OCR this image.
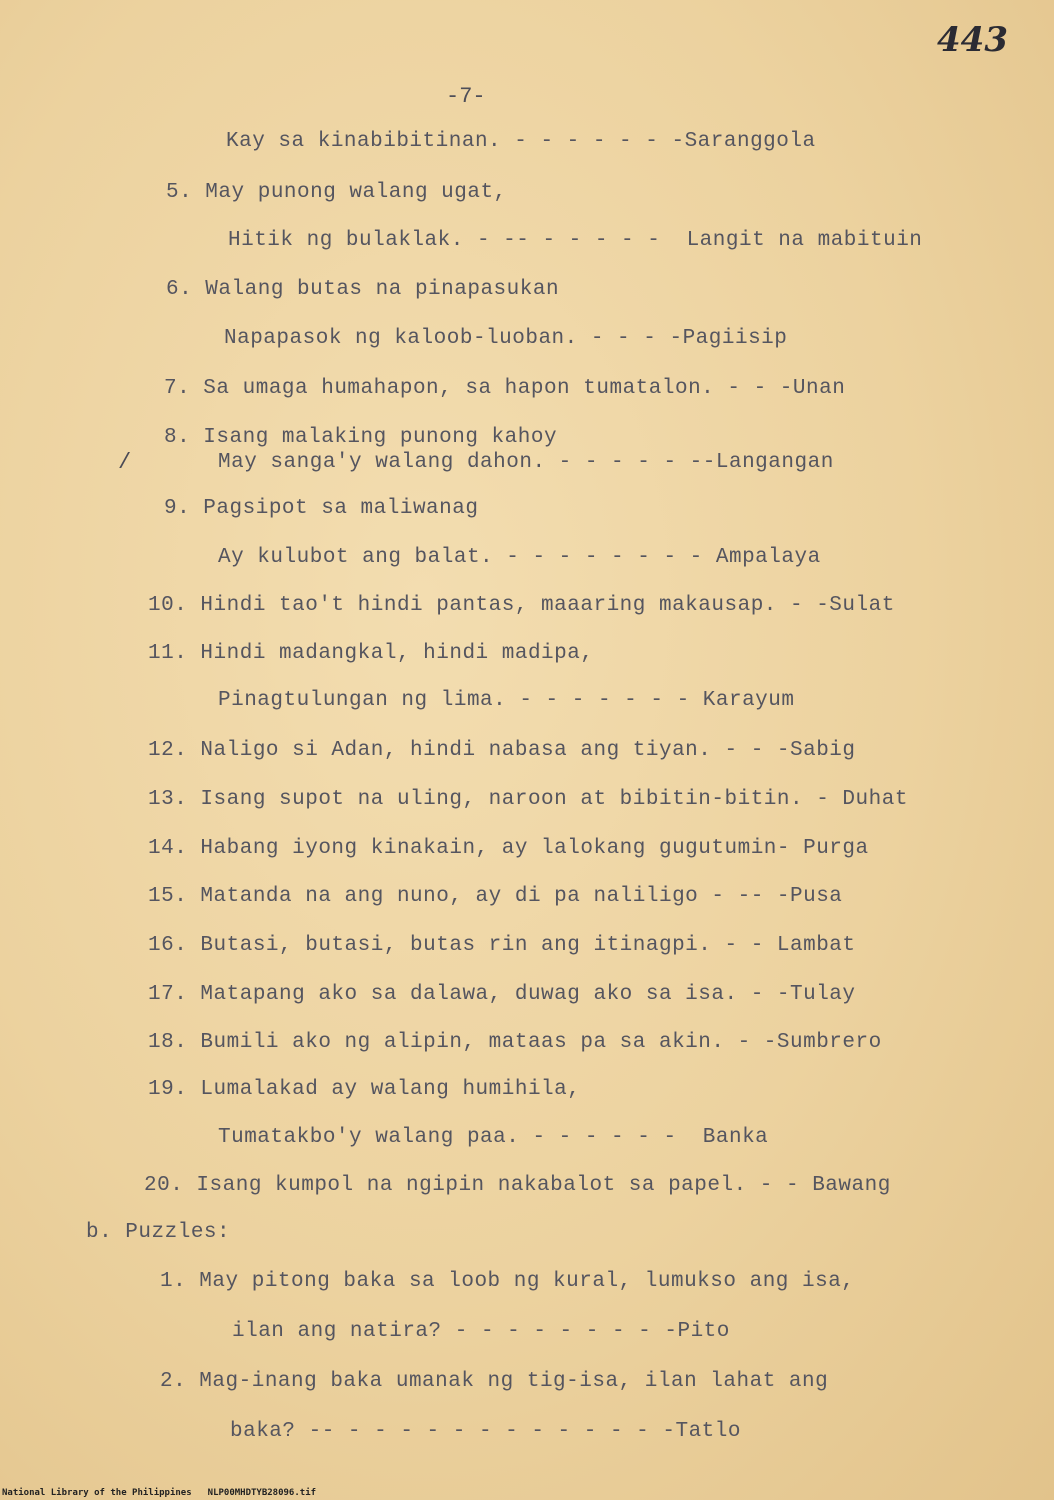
443
-7-
/
Kay sa kinabibitinan. - - - - - - -Saranggola
5. May punong walang ugat,
Hitik ng bulaklak. - -- - - - - -  Langit na mabituin
6. Walang butas na pinapasukan
Napapasok ng kaloob-luoban. - - - -Pagiisip
7. Sa umaga humahapon, sa hapon tumatalon. - - -Unan
8. Isang malaking punong kahoy
May sanga'y walang dahon. - - - - - --Langangan
9. Pagsipot sa maliwanag
Ay kulubot ang balat. - - - - - - - - Ampalaya
10. Hindi tao't hindi pantas, maaaring makausap. - -Sulat
11. Hindi madangkal, hindi madipa,
Pinagtulungan ng lima. - - - - - - - Karayum
12. Naligo si Adan, hindi nabasa ang tiyan. - - -Sabig
13. Isang supot na uling, naroon at bibitin-bitin. - Duhat
14. Habang iyong kinakain, ay lalokang gugutumin- Purga
15. Matanda na ang nuno, ay di pa naliligo - -- -Pusa
16. Butasi, butasi, butas rin ang itinagpi. - - Lambat
17. Matapang ako sa dalawa, duwag ako sa isa. - -Tulay
18. Bumili ako ng alipin, mataas pa sa akin. - -Sumbrero
19. Lumalakad ay walang humihila,
Tumatakbo'y walang paa. - - - - - -  Banka
20. Isang kumpol na ngipin nakabalot sa papel. - - Bawang
b. Puzzles:
1. May pitong baka sa loob ng kural, lumukso ang isa,
ilan ang natira? - - - - - - - - -Pito
2. Mag-inang baka umanak ng tig-isa, ilan lahat ang
baka? -- - - - - - - - - - - - - -Tatlo
National Library of the Philippines NLP00MHDTYB28096.tif
